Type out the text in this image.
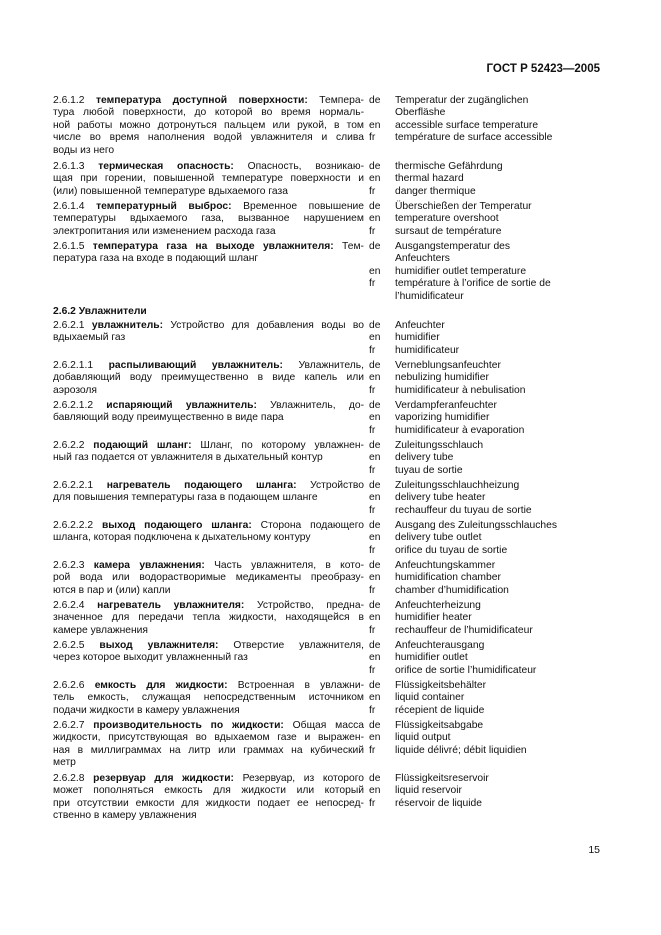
ГОСТ Р 52423—2005
2.6.1.2 температура доступной поверхности: Темпера-
тура любой поверхности, до которой во время нормаль-
ной работы можно дотронуться пальцем или рукой, в том
числе во время наполнения водой увлажнителя и слива
воды из него
de
en
fr
Temperatur der zugänglichen
Oberfläshe
accessible surface temperature
température de surface accessible
2.6.1.3 термическая опасность: Опасность, возникаю-
щая при горении, повышенной температуре поверхности и
(или) повышенной температуре вдыхаемого газа
de
en
fr
thermische Gefährdung
thermal hazard
danger thermique
2.6.1.4 температурный выброс: Временное повышение
температуры вдыхаемого газа, вызванное нарушением
электропитания или изменением расхода газа
de
en
fr
Überschießen der Temperatur
temperature overshoot
sursaut de température
2.6.1.5 температура газа на выходе увлажнителя: Тем-
пература газа на входе в подающий шланг
de
en
fr
Ausgangstemperatur des
Anfeuchters
humidifier outlet temperature
température à l’orifice de sortie de
l’humidificateur
2.6.2.1 увлажнитель: Устройство для добавления воды во
вдыхаемый газ
de
en
fr
Anfeuchter
humidifier
humidificateur
2.6.2.1.1 распыливающий увлажнитель: Увлажнитель,
добавляющий воду преимущественно в виде капель или
аэрозоля
de
en
fr
Verneblungsanfeuchter
nebulizing humidifier
humidificateur à nebulisation
2.6.2.1.2 испаряющий увлажнитель: Увлажнитель, до-
бавляющий воду преимущественно в виде пара
de
en
fr
Verdampferanfeuchter
vaporizing humidifier
humidificateur à evaporation
2.6.2.2 подающий шланг: Шланг, по которому увлажнен-
ный газ подается от увлажнителя в дыхательный контур
de
en
fr
Zuleitungsschlauch
delivery tube
tuyau de sortie
2.6.2.2.1 нагреватель подающего шланга: Устройство
для повышения температуры газа в подающем шланге
de
en
fr
Zuleitungsschlauchheizung
delivery tube heater
rechauffeur du tuyau de sortie
2.6.2.2.2 выход подающего шланга: Сторона подающего
шланга, которая подключена к дыхательному контуру
de
en
fr
Ausgang des Zuleitungsschlauches
delivery tube outlet
orifice du tuyau de sortie
2.6.2.3 камера увлажнения: Часть увлажнителя, в кото-
рой вода или водорастворимые медикаменты преобразу-
ются в пар и (или) капли
de
en
fr
Anfeuchtungskammer
humidification chamber
chamber d’humidification
2.6.2.4 нагреватель увлажнителя: Устройство, предна-
значенное для передачи тепла жидкости, находящейся в
камере увлажнения
de
en
fr
Anfeuchterheizung
humidifier heater
rechauffeur de l’humidificateur
2.6.2.5 выход увлажнителя: Отверстие увлажнителя,
через которое выходит увлажненный газ
de
en
fr
Anfeuchterausgang
humidifier outlet
orifice de sortie l’humidificateur
2.6.2.6 емкость для жидкости: Встроенная в увлажни-
тель емкость, служащая непосредственным источником
подачи жидкости в камеру увлажнения
de
en
fr
Flüssigkeitsbehälter
liquid container
récepient de liquide
2.6.2.7 производительность по жидкости: Общая масса
жидкости, присутствующая во вдыхаемом газе и выражен-
ная в миллиграммах на литр или граммах на кубический
метр
de
en
fr
Flüssigkeitsabgabe
liquid output
liquide délivré; débit liquidien
2.6.2.8 резервуар для жидкости: Резервуар, из которого
может пополняться емкость для жидкости или который
при отсутствии емкости для жидкости подает ее непосред-
ственно в камеру увлажнения
de
en
fr
Flüssigkeitsreservoir
liquid reservoir
réservoir de liquide
2.6.2 Увлажнители
15
